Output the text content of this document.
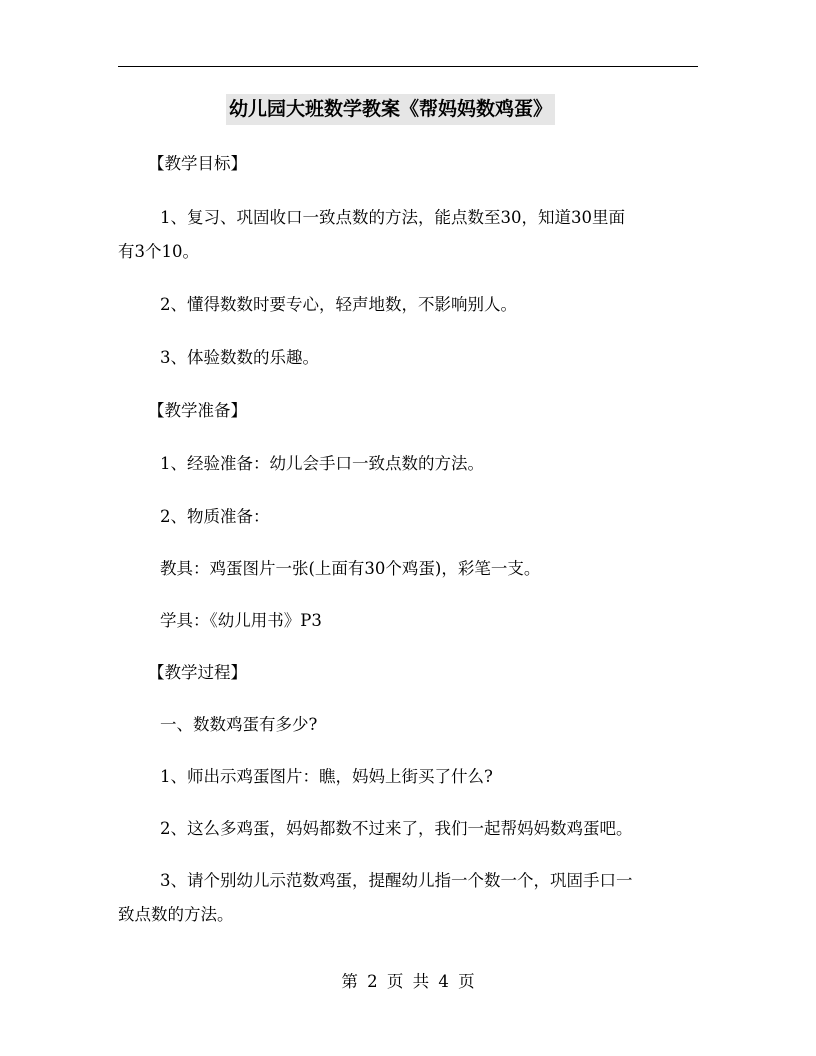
幼儿园大班数学教案《帮妈妈数鸡蛋》
【教学目标】
1、复习、巩固收口一致点数的方法，能点数至30，知道30里面
有3个10。
2、懂得数数时要专心，轻声地数，不影响别人。
3、体验数数的乐趣。
【教学准备】
1、经验准备：幼儿会手口一致点数的方法。
2、物质准备：
教具：鸡蛋图片一张(上面有30个鸡蛋)，彩笔一支。
学具：《幼儿用书》P3
【教学过程】
一、数数鸡蛋有多少?
1、师出示鸡蛋图片：瞧，妈妈上街买了什么?
2、这么多鸡蛋，妈妈都数不过来了，我们一起帮妈妈数鸡蛋吧。
3、请个别幼儿示范数鸡蛋，提醒幼儿指一个数一个，巩固手口一
致点数的方法。
第 2 页 共 4 页
